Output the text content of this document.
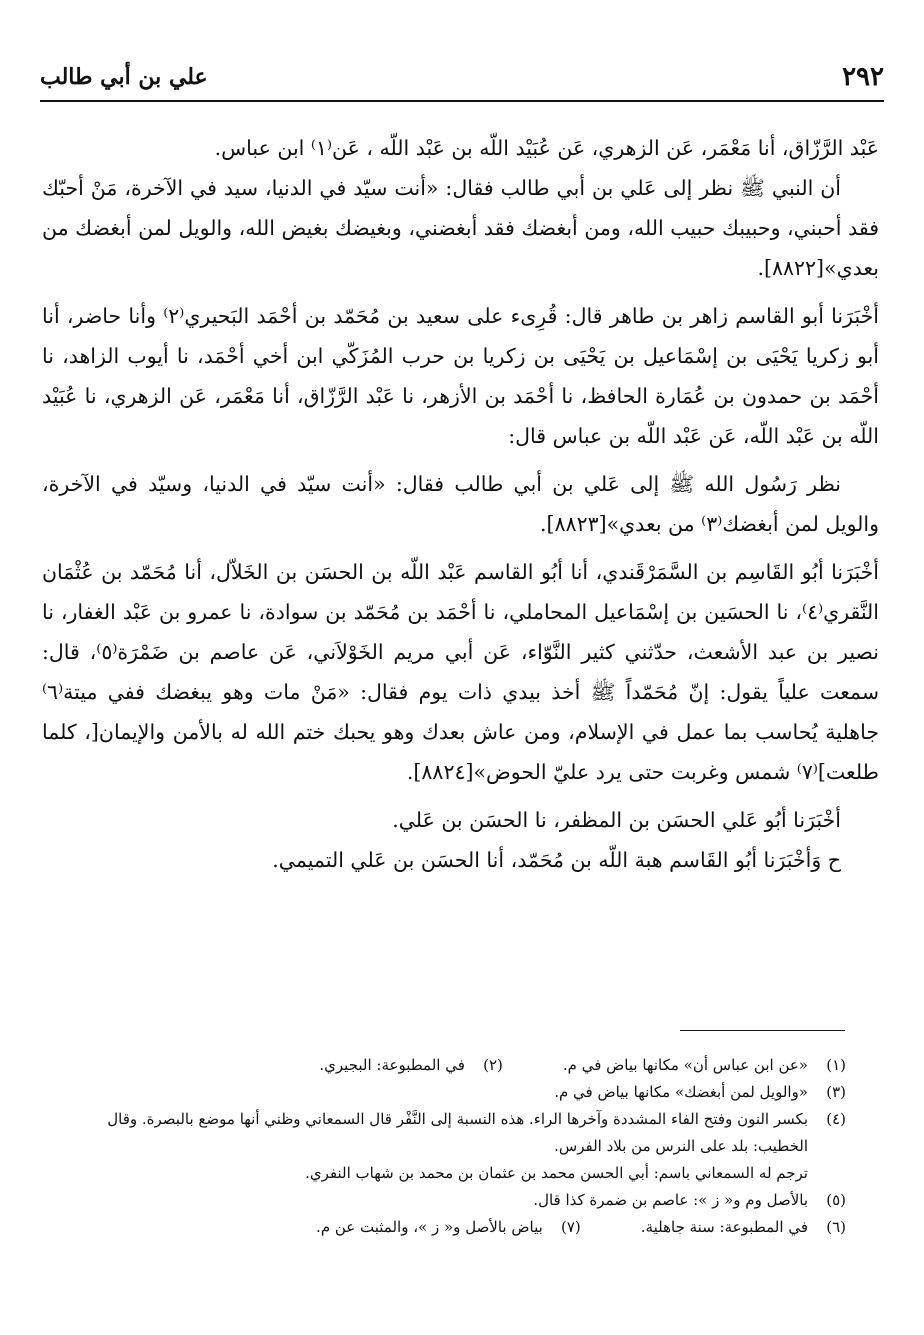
٢٩٢
علي بن أبي طالب

عَبْد الرَّزّاق، أنا مَعْمَر، عَن الزهري، عَن عُبَيْد اللّه بن عَبْد اللّه ، عَن⁽١⁾ ابن عباس.

أن النبي ﷺ نظر إلى عَلي بن أبي طالب فقال: «أنت سيّد في الدنيا، سيد في الآخرة، مَنْ أحبّك فقد أحبني، وحبيبك حبيب الله، ومن أبغضك فقد أبغضني، وبغيضك بغيض الله، والويل لمن أبغضك من بعدي»[٨٨٢٢].

أخْبَرَنا أبو القاسم زاهر بن طاهر قال: قُرِىء على سعيد بن مُحَمّد بن أحْمَد البَحيري⁽٢⁾ وأنا حاضر، أنا أبو زكريا يَحْيَى بن إسْمَاعيل بن يَحْيَى بن زكريا بن حرب المُزَكّي ابن أخي أحْمَد، نا أيوب الزاهد، نا أحْمَد بن حمدون بن عُمَارة الحافظ، نا أحْمَد بن الأزهر، نا عَبْد الرَّزّاق، أنا مَعْمَر، عَن الزهري، نا عُبَيْد اللّه بن عَبْد اللّه، عَن عَبْد اللّه بن عباس قال:

نظر رَسُول الله ﷺ إلى عَلي بن أبي طالب فقال: «أنت سيّد في الدنيا، وسيّد في الآخرة، والويل لمن أبغضك⁽٣⁾ من بعدي»[٨٨٢٣].

أخْبَرَنا أبُو القَاسِم بن السَّمَرْقَندي، أنا أبُو القاسم عَبْد اللّه بن الحسَن بن الخَلاّل، أنا مُحَمّد بن عُثْمَان النَّقري⁽٤⁾، نا الحسَين بن إسْمَاعيل المحاملي، نا أحْمَد بن مُحَمّد بن سوادة، نا عمرو بن عَبْد الغفار، نا نصير بن عبد الأشعث، حدّثني كثير النَّوّاء، عَن أبي مريم الخَوْلاَني، عَن عاصم بن ضَمْرَة⁽٥⁾، قال: سمعت علياً يقول: إنّ مُحَمّداً ﷺ أخذ بيدي ذات يوم فقال: «مَنْ مات وهو يبغضك ففي ميتة⁽٦⁾ جاهلية يُحاسب بما عمل في الإسلام، ومن عاش بعدك وهو يحبك ختم الله له بالأمن والإيمان[، كلما طلعت]⁽٧⁾ شمس وغربت حتى يرد عليّ الحوض»[٨٨٢٤].

أخْبَرَنا أبُو عَلي الحسَن بن المظفر، نا الحسَن بن عَلي.

ح وَأخْبَرَنا أبُو القَاسم هبة اللّه بن مُحَمّد، أنا الحسَن بن عَلي التميمي.

(١)
«عن ابن عباس أن» مكانها بياض في م.
(٢)
في المطبوعة: البجيري.
(٣)
«والويل لمن أبغضك» مكانها بياض في م.
(٤)
بكسر النون وفتح الفاء المشددة وآخرها الراء. هذه النسبة إلى النَّفْر قال السمعاني وظني أنها موضع بالبصرة. وقال الخطيب: بلد على النرس من بلاد الفرس.
ترجم له السمعاني باسم: أبي الحسن محمد بن عثمان بن محمد بن شهاب النفري.
(٥)
بالأصل وم و« ز »: عاصم بن ضمرة كذا قال.
(٦)
في المطبوعة: سنة جاهلية.
(٧)
بياض بالأصل و« ز »، والمثبت عن م.
